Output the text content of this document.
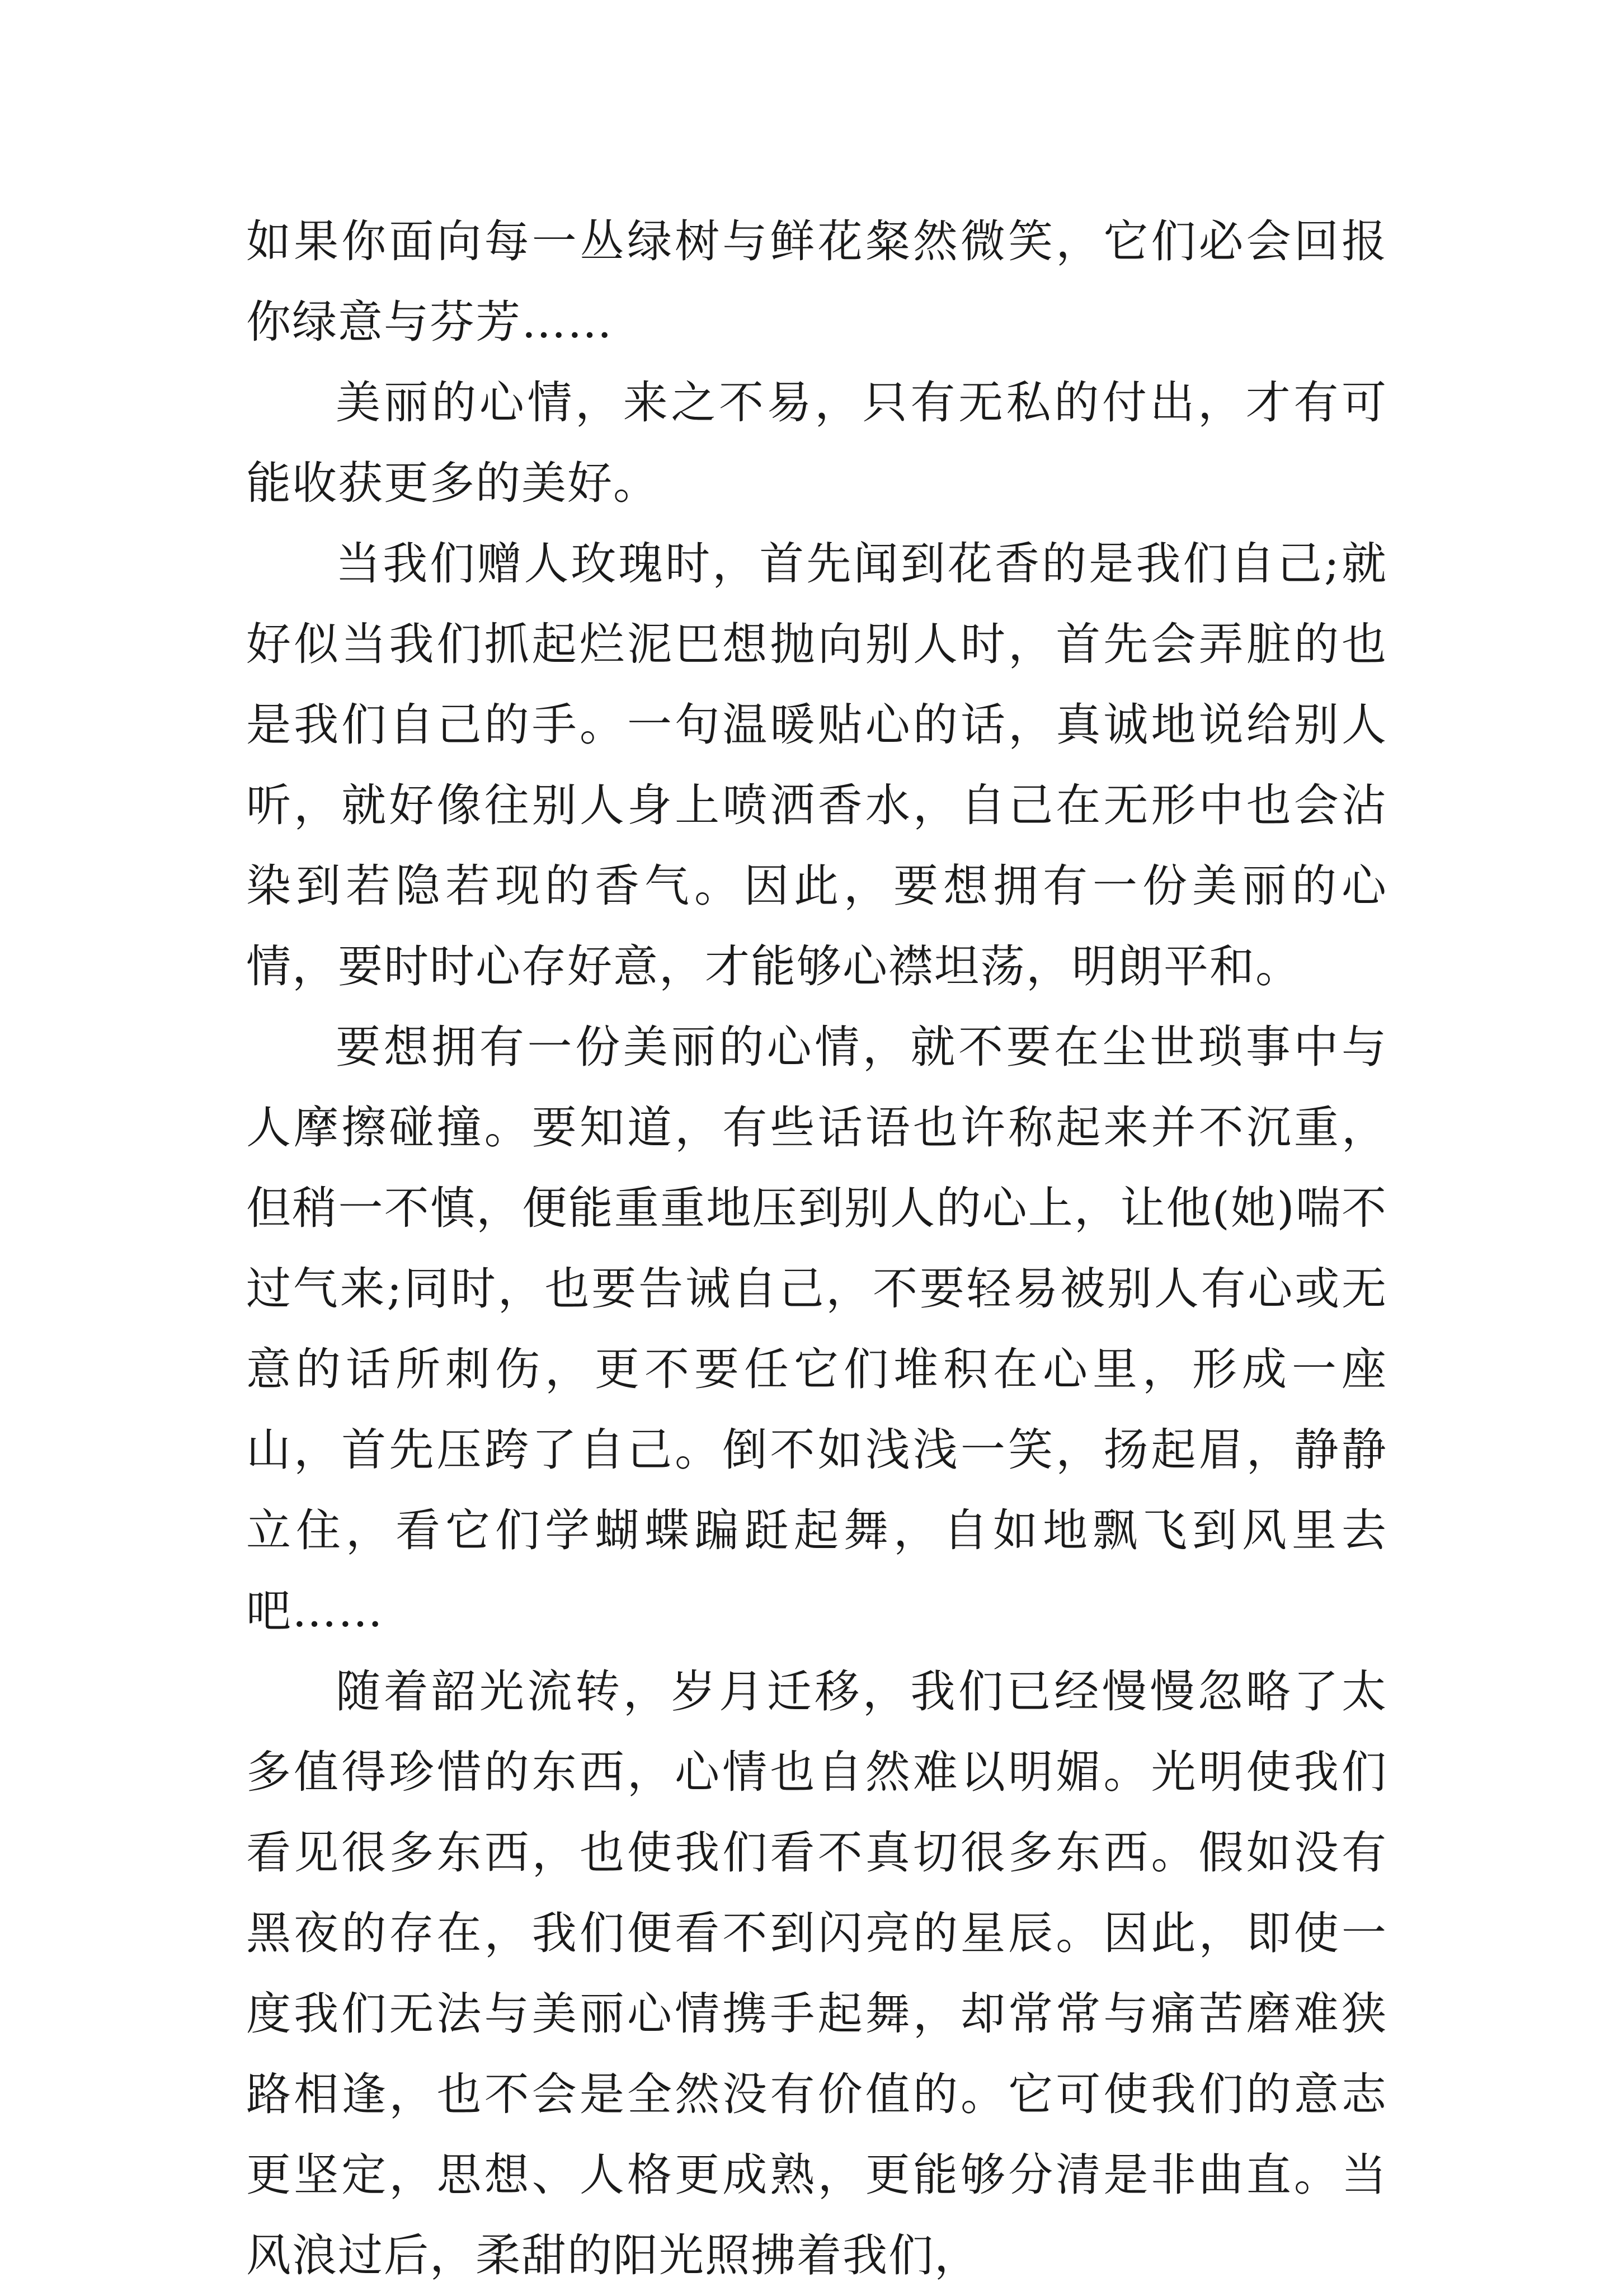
如果你面向每一丛绿树与鲜花粲然微笑，它们必会回报你绿意与芬芳……

美丽的心情，来之不易，只有无私的付出，才有可能收获更多的美好。

当我们赠人玫瑰时，首先闻到花香的是我们自己;就好似当我们抓起烂泥巴想抛向别人时，首先会弄脏的也是我们自己的手。一句温暖贴心的话，真诚地说给别人听，就好像往别人身上喷洒香水，自己在无形中也会沾染到若隐若现的香气。因此，要想拥有一份美丽的心情，要时时心存好意，才能够心襟坦荡，明朗平和。

要想拥有一份美丽的心情，就不要在尘世琐事中与人摩擦碰撞。要知道，有些话语也许称起来并不沉重，但稍一不慎，便能重重地压到别人的心上，让他(她)喘不过气来;同时，也要告诫自己，不要轻易被别人有心或无意的话所刺伤，更不要任它们堆积在心里，形成一座山，首先压跨了自己。倒不如浅浅一笑，扬起眉，静静立住，看它们学蝴蝶蹁跹起舞，自如地飘飞到风里去吧……

随着韶光流转，岁月迁移，我们已经慢慢忽略了太多值得珍惜的东西，心情也自然难以明媚。光明使我们看见很多东西，也使我们看不真切很多东西。假如没有黑夜的存在，我们便看不到闪亮的星辰。因此，即使一度我们无法与美丽心情携手起舞，却常常与痛苦磨难狭路相逢，也不会是全然没有价值的。它可使我们的意志更坚定，思想、人格更成熟，更能够分清是非曲直。当风浪过后，柔甜的阳光照拂着我们，
